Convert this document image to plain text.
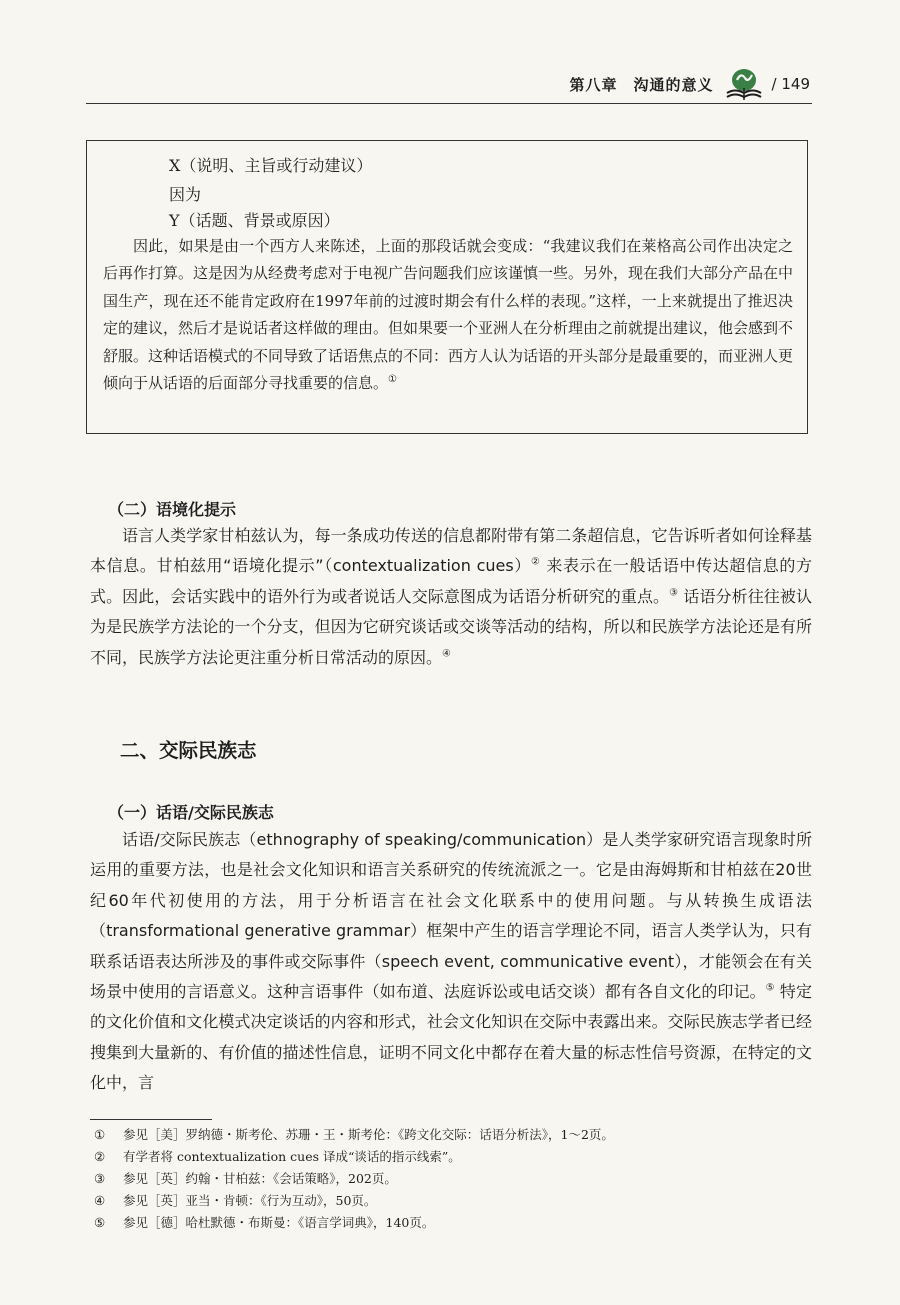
第八章　沟通的意义	/ 149
X（说明、主旨或行动建议）
因为
Y（话题、背景或原因）

因此，如果是由一个西方人来陈述，上面的那段话就会变成：“我建议我们在莱格高公司作出决定之后再作打算。这是因为从经费考虑对于电视广告问题我们应该谨慎一些。另外，现在我们大部分产品在中国生产，现在还不能肯定政府在1997年前的过渡时期会有什么样的表现。”这样，一上来就提出了推迟决定的建议，然后才是说话者这样做的理由。但如果要一个亚洲人在分析理由之前就提出建议，他会感到不舒服。这种话语模式的不同导致了话语焦点的不同：西方人认为话语的开头部分是最重要的，而亚洲人更倾向于从话语的后面部分寻找重要的信息。①

（二）语境化提示

语言人类学家甘柏兹认为，每一条成功传送的信息都附带有第二条超信息，它告诉听者如何诠释基本信息。甘柏兹用“语境化提示”（contextualization cues）② 来表示在一般话语中传达超信息的方式。因此，会话实践中的语外行为或者说话人交际意图成为话语分析研究的重点。③ 话语分析往往被认为是民族学方法论的一个分支，但因为它研究谈话或交谈等活动的结构，所以和民族学方法论还是有所不同，民族学方法论更注重分析日常活动的原因。④

二、交际民族志
（一）话语/交际民族志

话语/交际民族志（ethnography of speaking/communication）是人类学家研究语言现象时所运用的重要方法，也是社会文化知识和语言关系研究的传统流派之一。它是由海姆斯和甘柏兹在20世纪60年代初使用的方法，用于分析语言在社会文化联系中的使用问题。与从转换生成语法（transformational generative grammar）框架中产生的语言学理论不同，语言人类学认为，只有联系话语表达所涉及的事件或交际事件（speech event, communicative event），才能领会在有关场景中使用的言语意义。这种言语事件（如布道、法庭诉讼或电话交谈）都有各自文化的印记。⑤ 特定的文化价值和文化模式决定谈话的内容和形式，社会文化知识在交际中表露出来。交际民族志学者已经搜集到大量新的、有价值的描述性信息，证明不同文化中都存在着大量的标志性信号资源，在特定的文化中，言

①	参见［美］罗纳德・斯考伦、苏珊・王・斯考伦：《跨文化交际：话语分析法》，1～2页。
②	有学者将 contextualization cues 译成“谈话的指示线索”。
③	参见［英］约翰・甘柏兹：《会话策略》，202页。
④	参见［英］亚当・肯顿：《行为互动》，50页。
⑤	参见［德］哈杜默德・布斯曼：《语言学词典》，140页。
